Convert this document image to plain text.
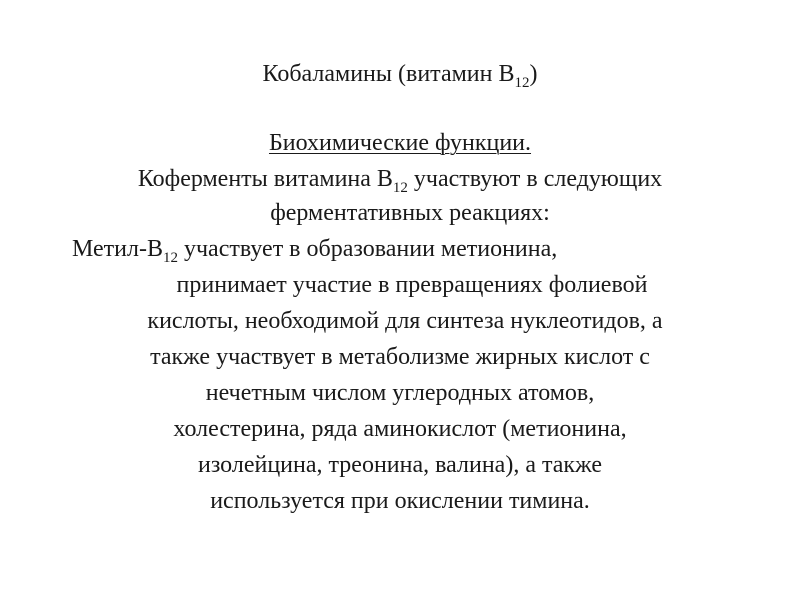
Кобаламины (витамин $B_{12}$)
Биохимические функции.
Коферменты витамина $B_{12}$ участвуют в следующих
ферментативных реакциях:
Метил-$B_{12}$ участвует в образовании метионина,
принимает участие в превращениях фолиевой
кислоты, необходимой для синтеза нуклеотидов, а
также участвует в метаболизме жирных кислот с
нечетным числом углеродных атомов,
холестерина, ряда аминокислот (метионина,
изолейцина, треонина, валина), а также
используется при окислении тимина.
